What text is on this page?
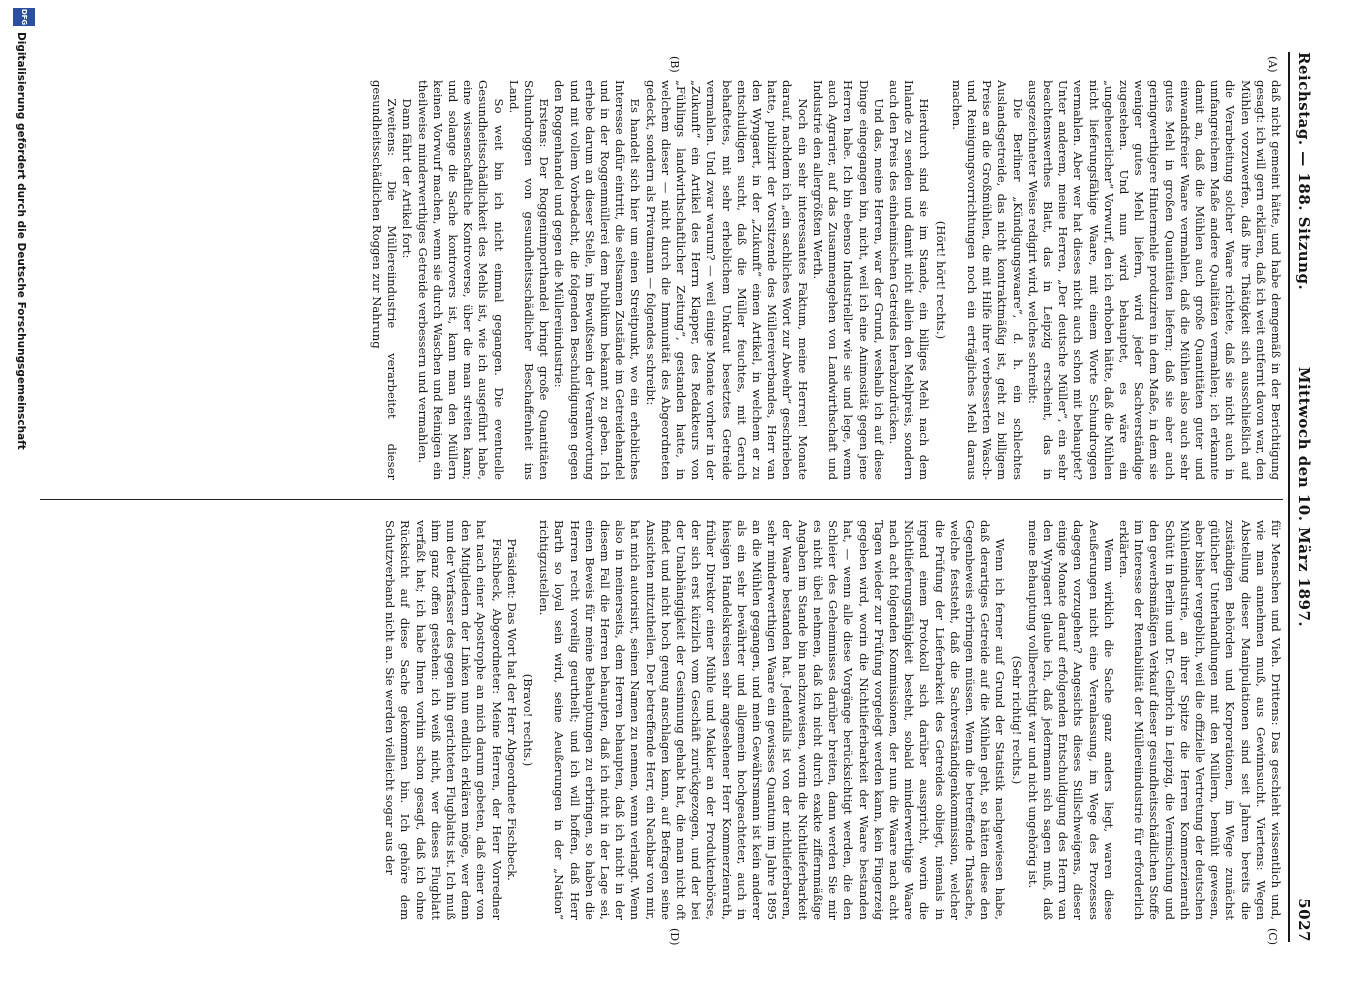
Reichstag. — 188. Sitzung.
Mittwoch den 10. März 1897.
5027
(A)
(B)
(C)
(D)

daß nicht gemeint hätte, und habe demgemäß in der Berichtigung gesagt: ich will gern erklären, daß ich weit entfernt davon war, den Mühlen vorzuwerfen, daß ihre Thätigkeit sich ausschließlich auf die Verarbeitung solcher Waare richtete, daß sie nicht auch in umfangreichem Maße andere Qualitäten vermahlen; ich erkannte damit an, daß die Mühlen auch große Quantitäten guter und einwandsfreier Waare vermahlen, daß die Mühlen also auch sehr gutes Mehl in großen Quantitäten liefern; daß sie aber auch geringwerthigere Hintermehle produziren in dem Maße, in dem sie weniger gutes Mehl liefern, wird jeder Sachverständige zugestehen. Und nun wird behauptet, es wäre ein „ungeheuerlicher“ Vorwurf, den ich erhoben hätte, daß die Mühlen nicht lieferungsfähige Waare, mit einem Worte Schundroggen vermahlen. Aber wer hat dieses nicht auch schon mit behauptet? Unter anderem, meine Herren, „Der deutsche Müller“, ein sehr beachtenswerthes Blatt, das in Leipzig erscheint, das in ausgezeichneter Weise redigirt wird, welches schreibt:

Die Berliner „Kündigungswaare“, d. h. ein schlechtes Auslandsgetreide, das nicht kontraktmäßig ist, geht zu billigem Preise an die Großmühlen, die mit Hilfe ihrer verbesserten Wasch- und Reinigungsvorrichtungen noch ein erträgliches Mehl daraus machen.

(Hört! hört! rechts.)

Hierdurch sind sie im Stande, ein billiges Mehl nach dem Inlande zu senden und damit nicht allein den Mehlpreis, sondern auch den Preis des einheimischen Getreides herabzudrücken.

Und das, meine Herren, war der Grund, weshalb ich auf diese Dinge eingegangen bin, nicht, weil ich eine Animosität gegen jene Herren habe. Ich bin ebenso Industrieller wie sie und lege, wenn auch Agrarier, auf das Zusammengehen von Landwirthschaft und Industrie den allergrößten Werth.

Noch ein sehr interessantes Faktum, meine Herren! Monate darauf, nachdem ich „ein sachliches Wort zur Abwehr“ geschrieben hatte, publizirt der Vorsitzende des Müllereiverbandes, Herr van den Wyngaert, in der „Zukunft“ einen Artikel, in welchem er zu entschuldigen sucht, daß die Müller feuchtes, mit Geruch behaftetes, mit sehr erheblichem Unkraut besetztes Getreide vermahlen. Und zwar warum? — weil einige Monate vorher in der „Zukunft“ ein Artikel des Herrn Klapper, des Redakteurs von „Fühlings landwirthschaftlicher Zeitung“, gestanden hatte, in welchem dieser — nicht durch die Immunität des Abgeordneten gedeckt, sondern als Privatmann — folgendes schreibt:

Es handelt sich hier um einen Streitpunkt, wo ein erhebliches Interesse dafür eintritt, die seltsamen Zustände im Getreidehandel und in der Roggenmüllerei dem Publikum bekannt zu geben. Ich erhebe darum an dieser Stelle, im Bewußtsein der Verantwortung und mit vollem Vorbedacht, die folgenden Beschuldigungen gegen den Roggenhandel und gegen die Müllereiindustrie:

Erstens: Der Roggenimporthandel bringt große Quantitäten Schundroggen von gesundheitsschädlicher Beschaffenheit ins Land.

So weit bin ich nicht einmal gegangen. Die eventuelle Gesundheitsschädlichkeit des Mehls ist, wie ich ausgeführt habe, eine wissenschaftliche Kontroverse, über die man streiten kann; und solange die Sache kontrovers ist, kann man den Müllern keinen Vorwurf machen, wenn sie durch Waschen und Reinigen ein theilweise minderwerthiges Getreide verbessern und vermahlen.

Dann fährt der Artikel fort:

Zweitens: Die Müllereiindustrie verarbeitet dieser gesundheitsschädlichen Roggen zur Nahrung

für Menschen und Vieh. Drittens: Das geschieht wissentlich und, wie man annehmen muß, aus Gewinnsucht. Viertens: Wegen Abstellung dieser Manipulationen sind seit Jahren bereits die zuständigen Behörden und Korporationen, im Wege zunächst gütlicher Unterhandlungen mit den Müllern, bemüht gewesen, aber bisher vergeblich, weil die offizielle Vertretung der deutschen Mühlenindustrie, an ihrer Spitze die Herren Kommerzienrath Schütt in Berlin und Dr. Gelbrich in Leipzig, die Vermischung und den gewerbsmäßigen Verkauf dieser gesundheitsschädlichen Stoffe im Interesse der Rentabilität der Müllereiindustrie für erforderlich erklärten.

Wenn wirklich die Sache ganz anders liegt, waren diese Aeußerungen nicht eine Veranlassung, im Wege des Prozesses dagegen vorzugehen? Angesichts dieses Stillschweigens, dieser einige Monate darauf erfolgenden Entschuldigung des Herrn van den Wyngaert glaube ich, daß jedermann sich sagen muß, daß meine Behauptung vollberechtigt war und nicht ungehörig ist.

(Sehr richtig! rechts.)

Wenn ich ferner auf Grund der Statistik nachgewiesen habe, daß derartiges Getreide auf die Mühlen geht, so hätten diese den Gegenbeweis erbringen müssen. Wenn die betreffende Thatsache, welche feststeht, daß die Sachverständigenkommission, welcher die Prüfung der Lieferbarkeit des Getreides obliegt, niemals in irgend einem Protokoll sich darüber ausspricht, worin die Nichtlieferungsfähigkeit besteht, sobald minderwerthige Waare nach acht folgenden Kommissionen, der nun die Waare nach acht Tagen wieder zur Prüfung vorgelegt werden kann, kein Fingerzeig gegeben wird, worin die Nichtlieferbarkeit der Waare bestanden hat, — wenn alle diese Vorgänge berücksichtigt werden, die den Schleier des Geheimnisses darüber breiten, dann werden Sie mir es nicht übel nehmen, daß ich nicht durch exakte ziffernmäßige Angaben im Stande bin nachzuweisen, worin die Nichtlieferbarkeit der Waare bestanden hat. Jedenfalls ist von der nichtlieferbaren, sehr minderwerthigen Waare ein gewisses Quantum im Jahre 1895 an die Mühlen gegangen, und mein Gewährsmann ist kein anderer als ein sehr bewährter und allgemein hochgeachteter, auch in hiesigen Handelskreisen sehr angesehener Herr Kommerzienrath, früher Direktor einer Mühle und Makler an der Produktenbörse, der sich erst kürzlich vom Geschäft zurückgezogen, und der bei der Unabhängigkeit der Gesinnung gehabt hat, die man nicht oft findet und nicht hoch genug anschlagen kann, auf Befragen seine Ansichten mitzutheilen. Der betreffende Herr, ein Nachbar von mir, hat mich autorisirt, seinen Namen zu nennen, wenn verlangt. Wenn also in meinerseits, dem Herren behaupten, daß ich nicht in der diesem Fall die Herren behaupten, daß ich nicht in der Lage sei, einen Beweis für meine Behauptungen zu erbringen, so haben die Herren recht voreilig geurtheilt; und ich will hoffen, daß Herr Barth so loyal sein wird, seine Aeußerungen in der „Nation“ richtigzustellen.

(Bravo! rechts.)

Präsident: Das Wort hat der Herr Abgeordnete Fischbeck.

Fischbeck, Abgeordneter: Meine Herren, der Herr Vorredner hat nach einer Apostrophe an mich darum gebeten, daß einer von den Mitgliedern der Linken nun endlich erklären möge, wer denn nun der Verfasser des gegen ihn gerichteten Flugblatts ist. Ich muß ihm ganz offen gestehen: ich weiß nicht, wer dieses Flugblatt verfaßt hat; ich habe Ihnen vorhin schon gesagt, daß ich ohne Rücksicht auf diese Sache gekommen bin. Ich gehöre dem Schutzverband nicht an. Sie werden vielleicht sogar aus der

DFG
Digitalisierung gefördert durch die Deutsche Forschungsgemeinschaft
